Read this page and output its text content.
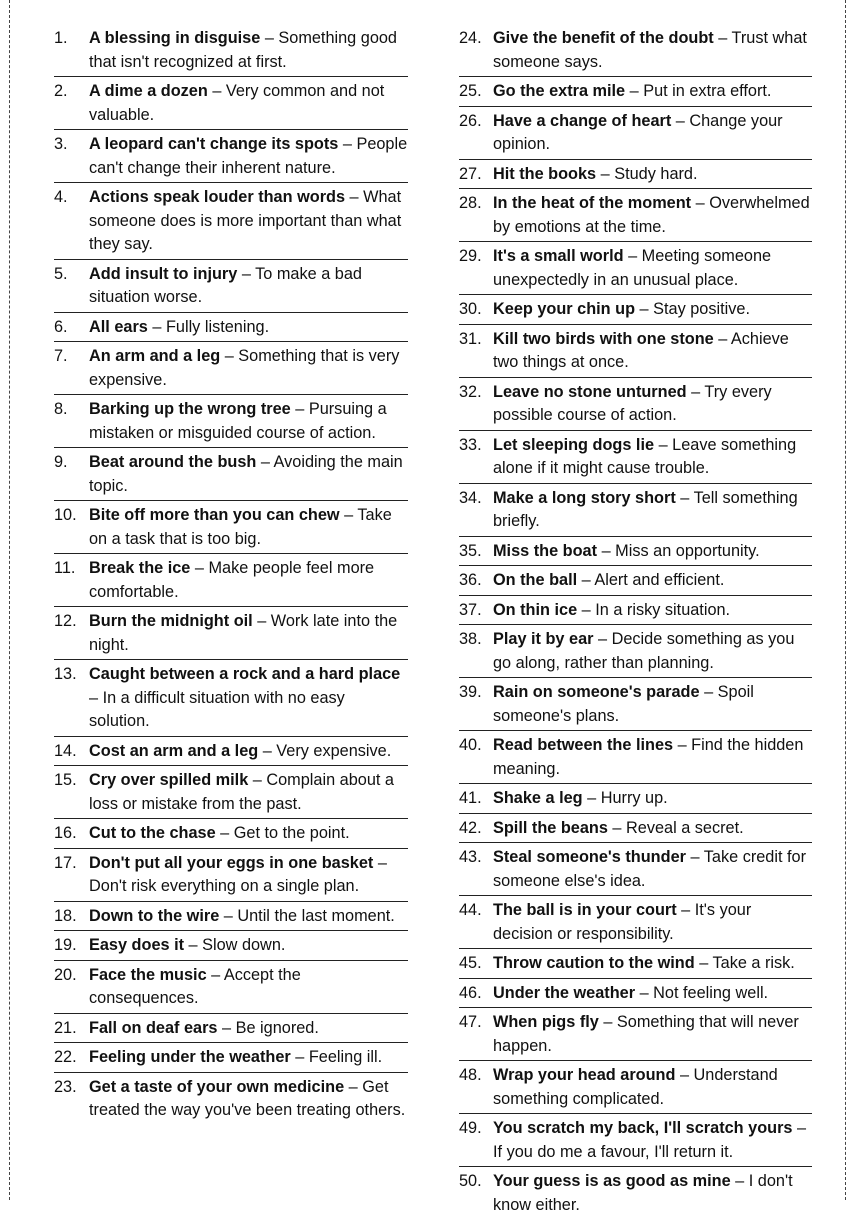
1.	A blessing in disguise – Something good that isn't recognized at first.
2.	A dime a dozen – Very common and not valuable.
3.	A leopard can't change its spots – People can't change their inherent nature.
4.	Actions speak louder than words – What someone does is more important than what they say.
5.	Add insult to injury – To make a bad situation worse.
6.	All ears – Fully listening.
7.	An arm and a leg – Something that is very expensive.
8.	Barking up the wrong tree – Pursuing a mistaken or misguided course of action.
9.	Beat around the bush – Avoiding the main topic.
10. Bite off more than you can chew – Take on a task that is too big.
11. Break the ice – Make people feel more comfortable.
12. Burn the midnight oil – Work late into the night.
13. Caught between a rock and a hard place – In a difficult situation with no easy solution.
14. Cost an arm and a leg – Very expensive.
15. Cry over spilled milk – Complain about a loss or mistake from the past.
16. Cut to the chase – Get to the point.
17. Don't put all your eggs in one basket – Don't risk everything on a single plan.
18. Down to the wire – Until the last moment.
19. Easy does it – Slow down.
20. Face the music – Accept the consequences.
21. Fall on deaf ears – Be ignored.
22. Feeling under the weather – Feeling ill.
23. Get a taste of your own medicine – Get treated the way you've been treating others.
24. Give the benefit of the doubt – Trust what someone says.
25. Go the extra mile – Put in extra effort.
26. Have a change of heart – Change your opinion.
27. Hit the books – Study hard.
28. In the heat of the moment – Overwhelmed by emotions at the time.
29. It's a small world – Meeting someone unexpectedly in an unusual place.
30. Keep your chin up – Stay positive.
31. Kill two birds with one stone – Achieve two things at once.
32. Leave no stone unturned – Try every possible course of action.
33. Let sleeping dogs lie – Leave something alone if it might cause trouble.
34. Make a long story short – Tell something briefly.
35. Miss the boat – Miss an opportunity.
36. On the ball – Alert and efficient.
37. On thin ice – In a risky situation.
38. Play it by ear – Decide something as you go along, rather than planning.
39. Rain on someone's parade – Spoil someone's plans.
40. Read between the lines – Find the hidden meaning.
41. Shake a leg – Hurry up.
42. Spill the beans – Reveal a secret.
43. Steal someone's thunder – Take credit for someone else's idea.
44. The ball is in your court – It's your decision or responsibility.
45. Throw caution to the wind – Take a risk.
46. Under the weather – Not feeling well.
47. When pigs fly – Something that will never happen.
48. Wrap your head around – Understand something complicated.
49. You scratch my back, I'll scratch yours – If you do me a favour, I'll return it.
50. Your guess is as good as mine – I don't know either.
